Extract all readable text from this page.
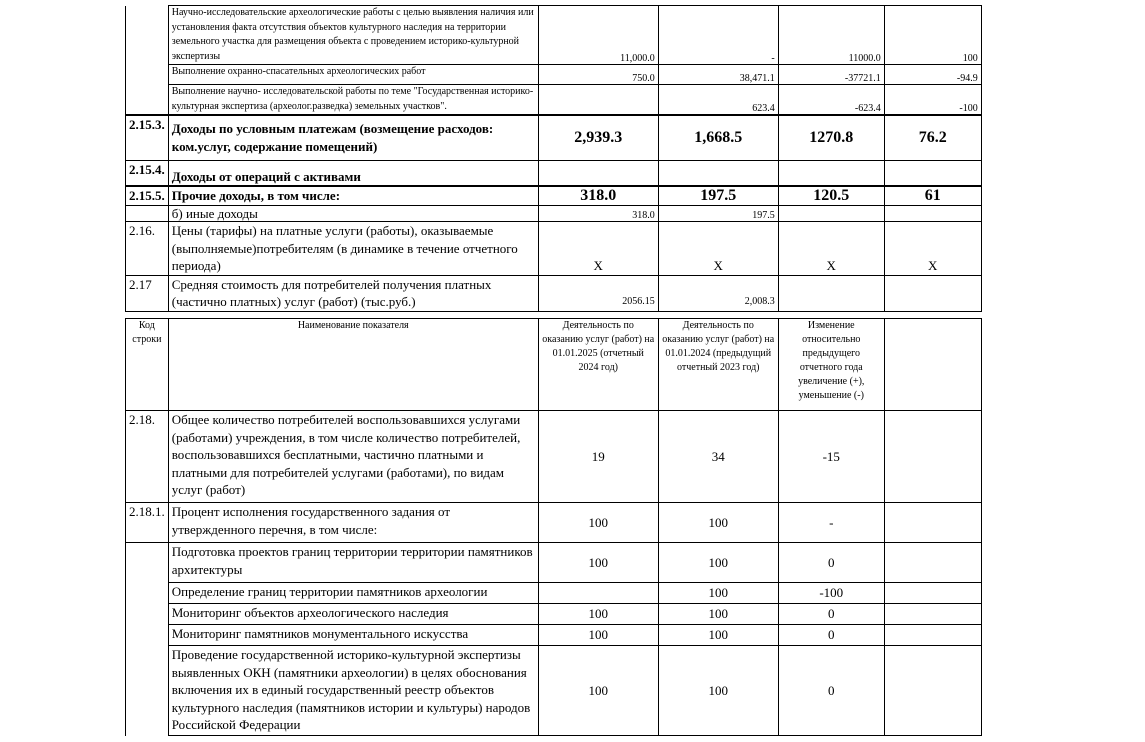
	Научно-исследовательские археологические работы с целью выявления наличия или установления факта отсутствия объектов культурного наследия на территории земельного участка для размещения объекта с проведением историко-культурной экспертизы	11,000.0	-	11000.0	100
	Выполнение охранно-спасательных археологических работ	750.0	38,471.1	-37721.1	-94.9
	Выполнение научно- исследовательской работы по теме "Государственная историко-культурная экспертиза (археолог.разведка) земельных участков".		623.4	-623.4	-100
2.15.3.	Доходы по условным платежам (возмещение расходов: ком.услуг, содержание помещений)	2,939.3	1,668.5	1270.8	76.2
2.15.4.	Доходы от операций с активами				
2.15.5.	Прочие доходы, в том числе:	318.0	197.5	120.5	61
	б) иные доходы	318.0	197.5		
2.16.	Цены (тарифы) на платные услуги (работы), оказываемые (выполняемые)потребителям (в динамике в течение отчетного периода)	Х	Х	Х	Х
2.17	Средняя стоимость для потребителей получения платных (частично платных) услуг (работ) (тыс.руб.)	2056.15	2,008.3		
Код строки	Наименование показателя	Деятельность по оказанию услуг (работ) на 01.01.2025 (отчетный 2024 год)	Деятельность по оказанию услуг (работ) на 01.01.2024 (предыдущий отчетный 2023 год)	Изменение относительно предыдущего отчетного года увеличение (+), уменьшение (-)	
2.18.	Общее количество потребителей воспользовавшихся услугами (работами) учреждения, в том числе количество потребителей, воспользовавшихся бесплатными, частично платными и платными для потребителей услугами (работами), по видам услуг (работ)	19	34	-15	
2.18.1.	Процент исполнения государственного задания от утвержденного перечня, в том числе:	100	100	-	
	Подготовка проектов границ территории территории памятников архитектуры	100	100	0	
	Определение границ территории памятников археологии		100	-100	
	Мониторинг объектов археологического наследия	100	100	0	
	Мониторинг памятников монументального искусства	100	100	0	
	Проведение государственной историко-культурной экспертизы выявленных ОКН (памятники археологии) в целях обоснования включения их в единый государственный реестр объектов культурного наследия (памятников истории и культуры) народов Российской Федерации	100	100	0	
